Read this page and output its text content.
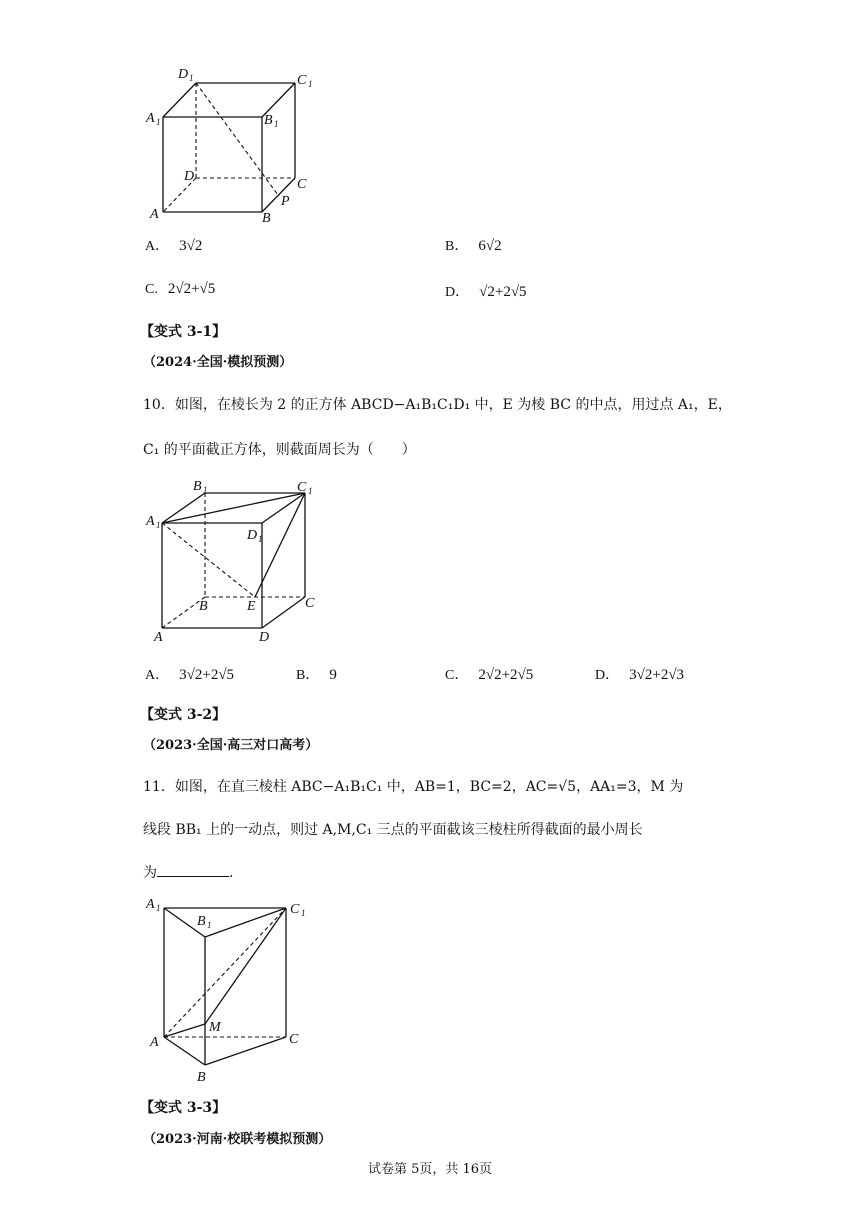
D 1	C 1
A 1	B 1
D
C
A	B
P
A． 3√2	B． 6√2
C. 2√2+√5	D． √2+2√5
【变式 3-1】
（2024·全国·模拟预测）
10．如图，在棱长为 2 的正方体 ABCD−A₁B₁C₁D₁ 中，E 为棱 BC 的中点，用过点 A₁，E，
C₁ 的平面截正方体，则截面周长为（　　）
B 1	C 1
A 1
D 1
B	E	C
A	D
A． 3√2+2√5	B． 9	C． 2√2+2√5	D． 3√2+2√3
【变式 3-2】
（2023·全国·高三对口高考）
11．如图，在直三棱柱 ABC−A₁B₁C₁ 中，AB=1，BC=2，AC=√5，AA₁=3，M 为
线段 BB₁ 上的一动点，则过 A,M,C₁ 三点的平面截该三棱柱所得截面的最小周长
为	.
A 1
B 1
C 1
M
A	C
B
【变式 3-3】
（2023·河南·校联考模拟预测）
试卷第 5页，共 16页
